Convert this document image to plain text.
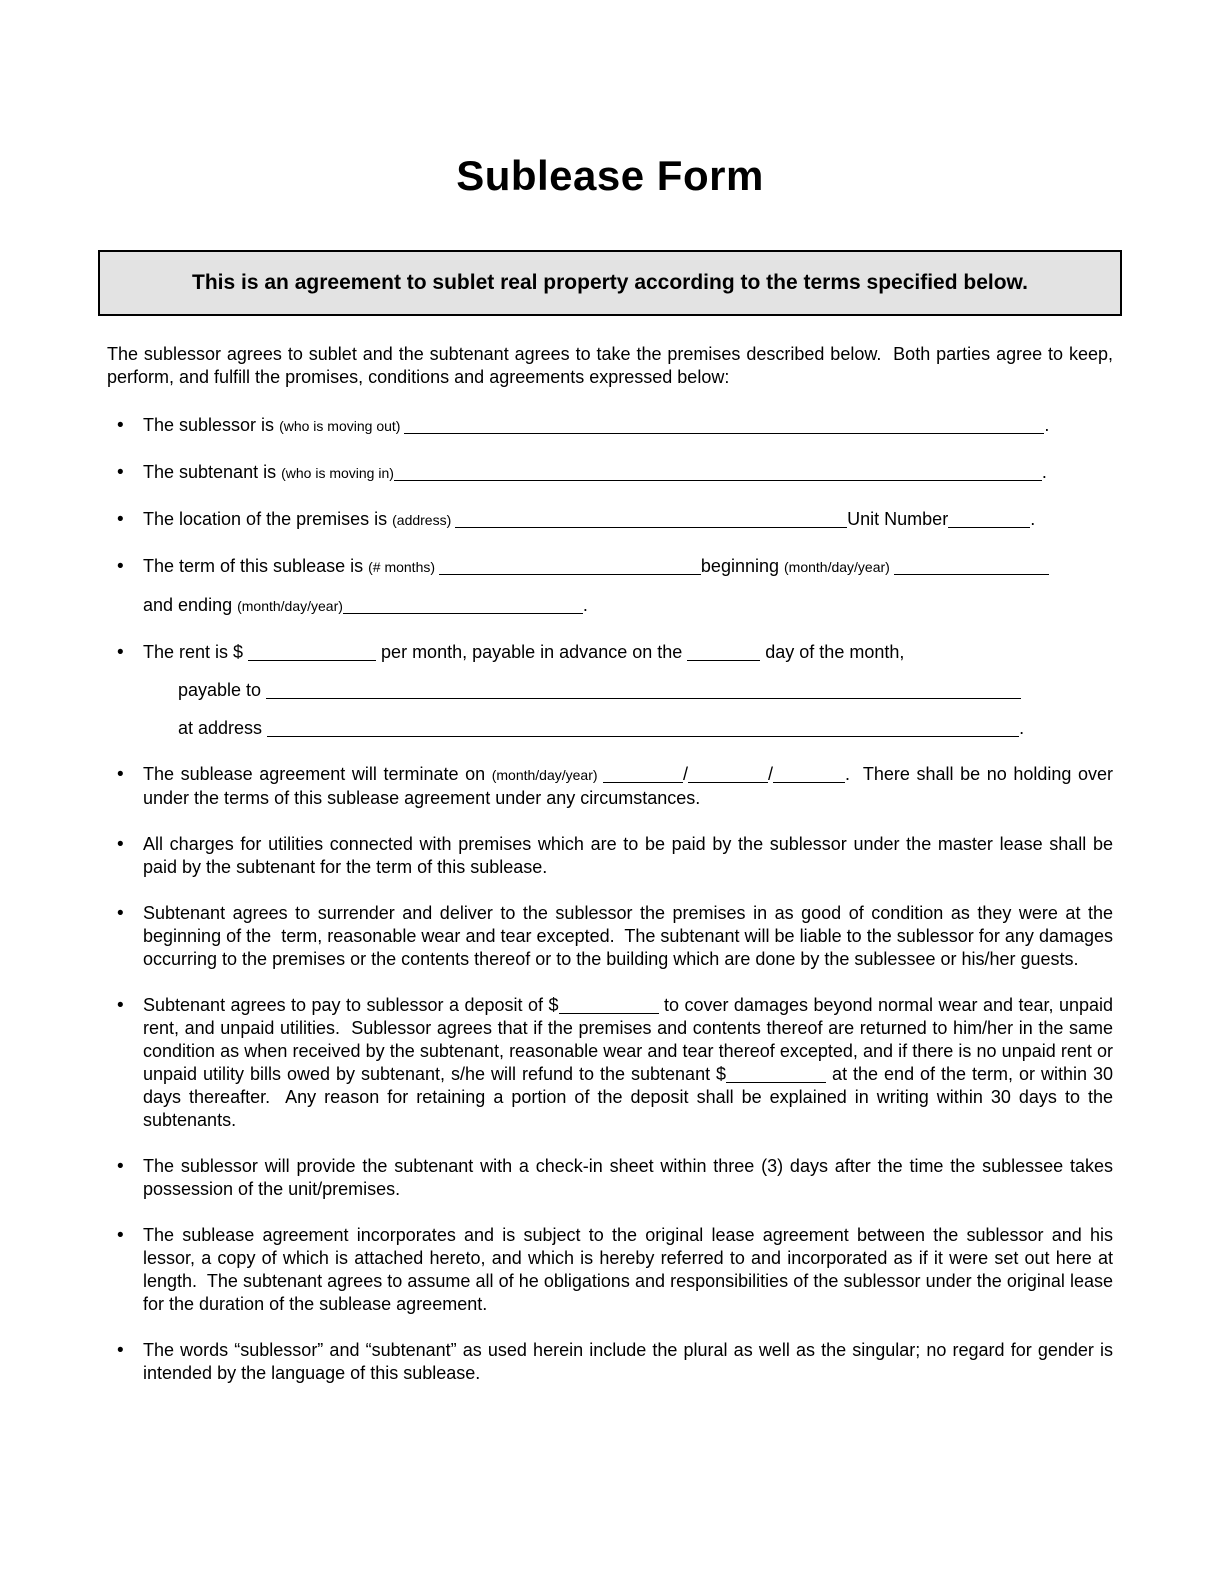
Sublease Form
This is an agreement to sublet real property according to the terms specified below.

The sublessor agrees to sublet and the subtenant agrees to take the premises described below.  Both parties agree to keep, perform, and fulfill the promises, conditions and agreements expressed below:

• The sublessor is (who is moving out)	.
• The subtenant is (who is moving in)	.
• The location of the premises is (address)	Unit Number	.
• The term of this sublease is (# months)	beginning (month/day/year)
and ending (month/day/year)	.
• The rent is $	per month, payable in advance on the	day of the month,
payable to
at address	.
• The sublease agreement will terminate on (month/day/year)	/	/	.  There shall be no holding over under the terms of this sublease agreement under any circumstances.
• All charges for utilities connected with premises which are to be paid by the sublessor under the master lease shall be paid by the subtenant for the term of this sublease.
• Subtenant agrees to surrender and deliver to the sublessor the premises in as good of condition as they were at the beginning of the  term, reasonable wear and tear excepted.  The subtenant will be liable to the sublessor for any damages occurring to the premises or the contents thereof or to the building which are done by the sublessee or his/her guests.
• Subtenant agrees to pay to sublessor a deposit of $	to cover damages beyond normal wear and tear, unpaid rent, and unpaid utilities.  Sublessor agrees that if the premises and contents thereof are returned to him/her in the same condition as when received by the subtenant, reasonable wear and tear thereof excepted, and if there is no unpaid rent or unpaid utility bills owed by subtenant, s/he will refund to the subtenant $	at the end of the term, or within 30 days thereafter.  Any reason for retaining a portion of the deposit shall be explained in writing within 30 days to the subtenants.
• The sublessor will provide the subtenant with a check-in sheet within three (3) days after the time the sublessee takes possession of the unit/premises.
• The sublease agreement incorporates and is subject to the original lease agreement between the sublessor and his lessor, a copy of which is attached hereto, and which is hereby referred to and incorporated as if it were set out here at length.  The subtenant agrees to assume all of he obligations and responsibilities of the sublessor under the original lease for the duration of the sublease agreement.
• The words “sublessor” and “subtenant” as used herein include the plural as well as the singular; no regard for gender is intended by the language of this sublease.
